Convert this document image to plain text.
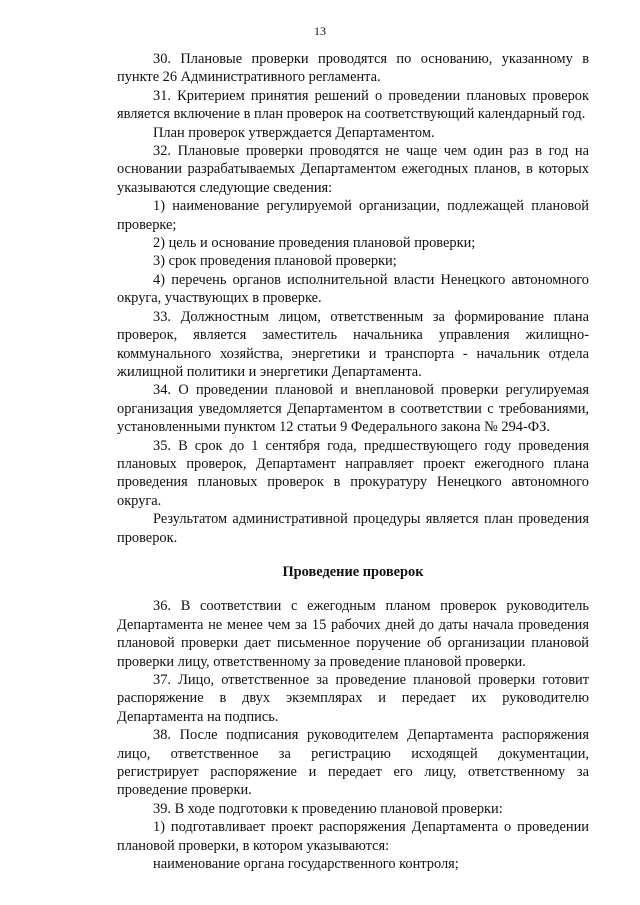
13

30. Плановые проверки проводятся по основанию, указанному в пункте 26 Административного регламента.

31. Критерием принятия решений о проведении плановых проверок является включение в план проверок на соответствующий календарный год.

План проверок утверждается Департаментом.

32. Плановые проверки проводятся не чаще чем один раз в год на основании разрабатываемых Департаментом ежегодных планов, в которых указываются следующие сведения:

1) наименование регулируемой организации, подлежащей плановой проверке;

2) цель и основание проведения плановой проверки;

3) срок проведения плановой проверки;

4) перечень органов исполнительной власти Ненецкого автономного округа, участвующих в проверке.

33. Должностным лицом, ответственным за формирование плана проверок, является заместитель начальника управления жилищно-коммунального хозяйства, энергетики и транспорта - начальник отдела жилищной политики и энергетики Департамента.

34. О проведении плановой и внеплановой проверки регулируемая организация уведомляется Департаментом в соответствии с требованиями, установленными пунктом 12 статьи 9 Федерального закона № 294-ФЗ.

35. В срок до 1 сентября года, предшествующего году проведения плановых проверок, Департамент направляет проект ежегодного плана проведения плановых проверок в прокуратуру Ненецкого автономного округа.

Результатом административной процедуры является план проведения проверок.

Проведение проверок

36. В соответствии с ежегодным планом проверок руководитель Департамента не менее чем за 15 рабочих дней до даты начала проведения плановой проверки дает письменное поручение об организации плановой проверки лицу, ответственному за проведение плановой проверки.

37. Лицо, ответственное за проведение плановой проверки готовит распоряжение в двух экземплярах и передает их руководителю Департамента на подпись.

38. После подписания руководителем Департамента распоряжения лицо, ответственное за регистрацию исходящей документации, регистрирует распоряжение и передает его лицу, ответственному за проведение проверки.

39. В ходе подготовки к проведению плановой проверки:

1) подготавливает проект распоряжения Департамента о проведении плановой проверки, в котором указываются:

наименование органа государственного контроля;
